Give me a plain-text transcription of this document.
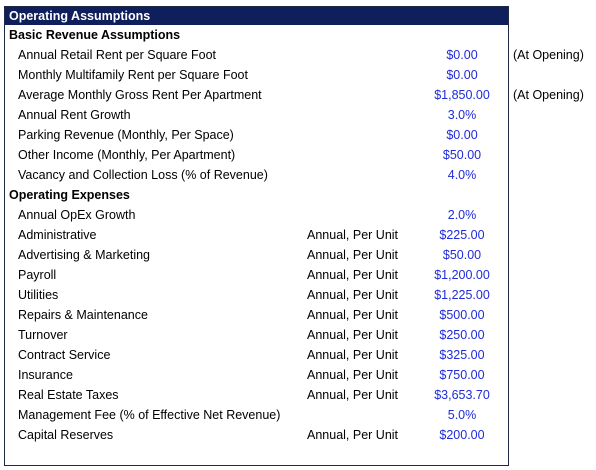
Operating Assumptions
Basic Revenue Assumptions
Annual Retail Rent per Square Foot	$0.00	(At Opening)
Monthly Multifamily Rent per Square Foot	$0.00
Average Monthly Gross Rent Per Apartment	$1,850.00	(At Opening)
Annual Rent Growth	3.0%
Parking Revenue (Monthly, Per Space)	$0.00
Other Income (Monthly, Per Apartment)	$50.00
Vacancy and Collection Loss (% of Revenue)	4.0%
Operating Expenses
Annual OpEx Growth	2.0%
Administrative	Annual, Per Unit	$225.00
Advertising & Marketing	Annual, Per Unit	$50.00
Payroll	Annual, Per Unit	$1,200.00
Utilities	Annual, Per Unit	$1,225.00
Repairs & Maintenance	Annual, Per Unit	$500.00
Turnover	Annual, Per Unit	$250.00
Contract Service	Annual, Per Unit	$325.00
Insurance	Annual, Per Unit	$750.00
Real Estate Taxes	Annual, Per Unit	$3,653.70
Management Fee (% of Effective Net Revenue)	5.0%
Capital Reserves	Annual, Per Unit	$200.00
